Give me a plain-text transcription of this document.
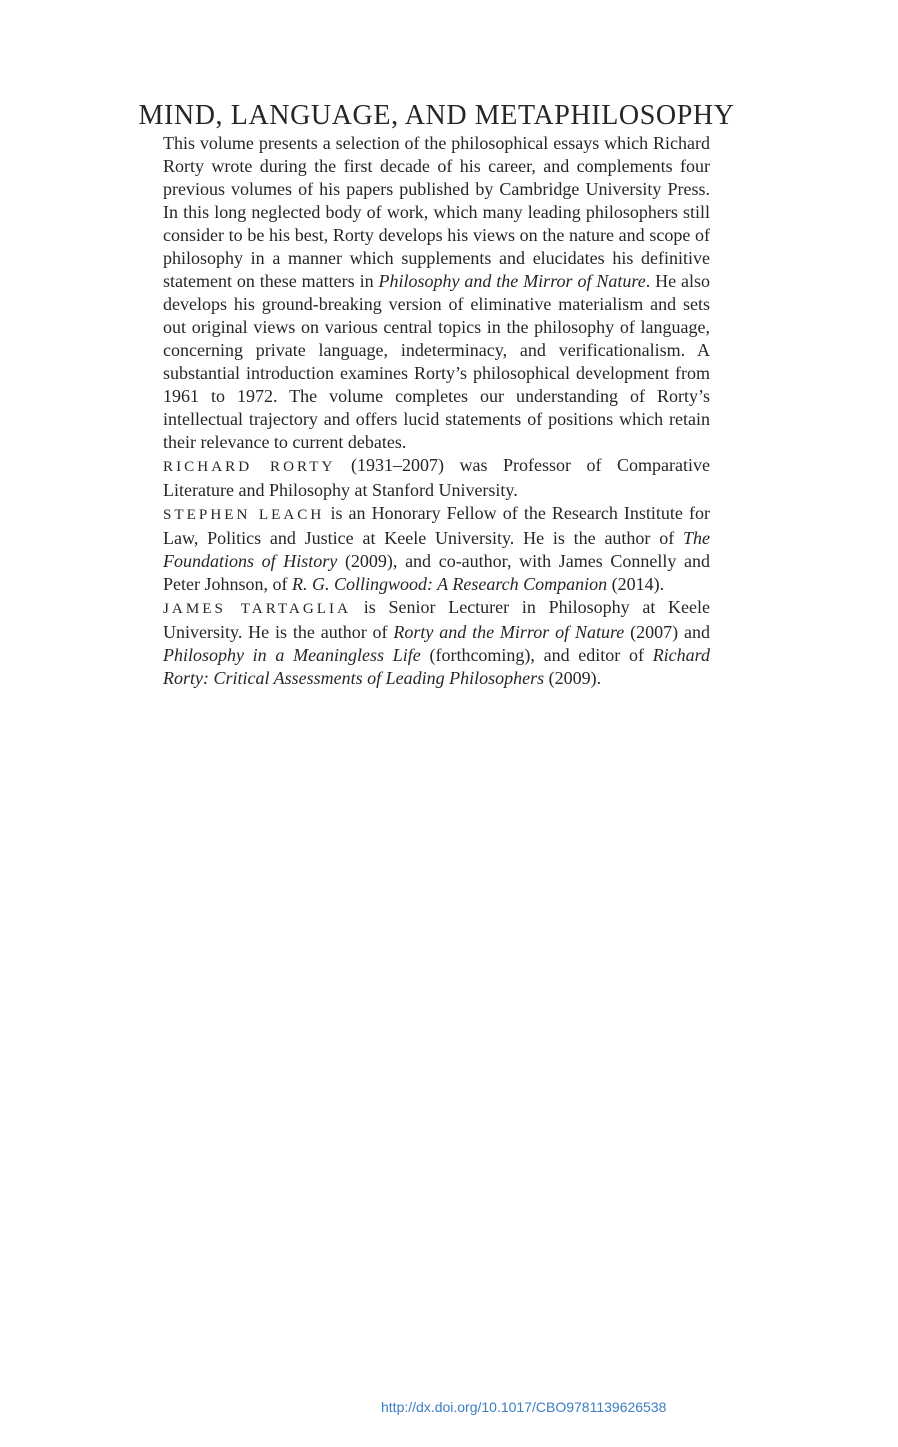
MIND, LANGUAGE, AND METAPHILOSOPHY

This volume presents a selection of the philosophical essays which Richard Rorty wrote during the first decade of his career, and complements four previous volumes of his papers published by Cambridge University Press. In this long neglected body of work, which many leading philosophers still consider to be his best, Rorty develops his views on the nature and scope of philosophy in a manner which supplements and elucidates his definitive statement on these matters in Philosophy and the Mirror of Nature. He also develops his ground-breaking version of eliminative materialism and sets out original views on various central topics in the philosophy of language, concerning private language, indeterminacy, and verificationalism. A substantial introduction examines Rorty’s philosophical development from 1961 to 1972. The volume completes our understanding of Rorty’s intellectual trajectory and offers lucid statements of positions which retain their relevance to current debates.

RICHARD RORTY (1931–2007) was Professor of Comparative Literature and Philosophy at Stanford University.

STEPHEN LEACH is an Honorary Fellow of the Research Institute for Law, Politics and Justice at Keele University. He is the author of The Foundations of History (2009), and co-author, with James Connelly and Peter Johnson, of R. G. Collingwood: A Research Companion (2014).

JAMES TARTAGLIA is Senior Lecturer in Philosophy at Keele University. He is the author of Rorty and the Mirror of Nature (2007) and Philosophy in a Meaningless Life (forthcoming), and editor of Richard Rorty: Critical Assessments of Leading Philosophers (2009).

http://dx.doi.org/10.1017/CBO9781139626538
